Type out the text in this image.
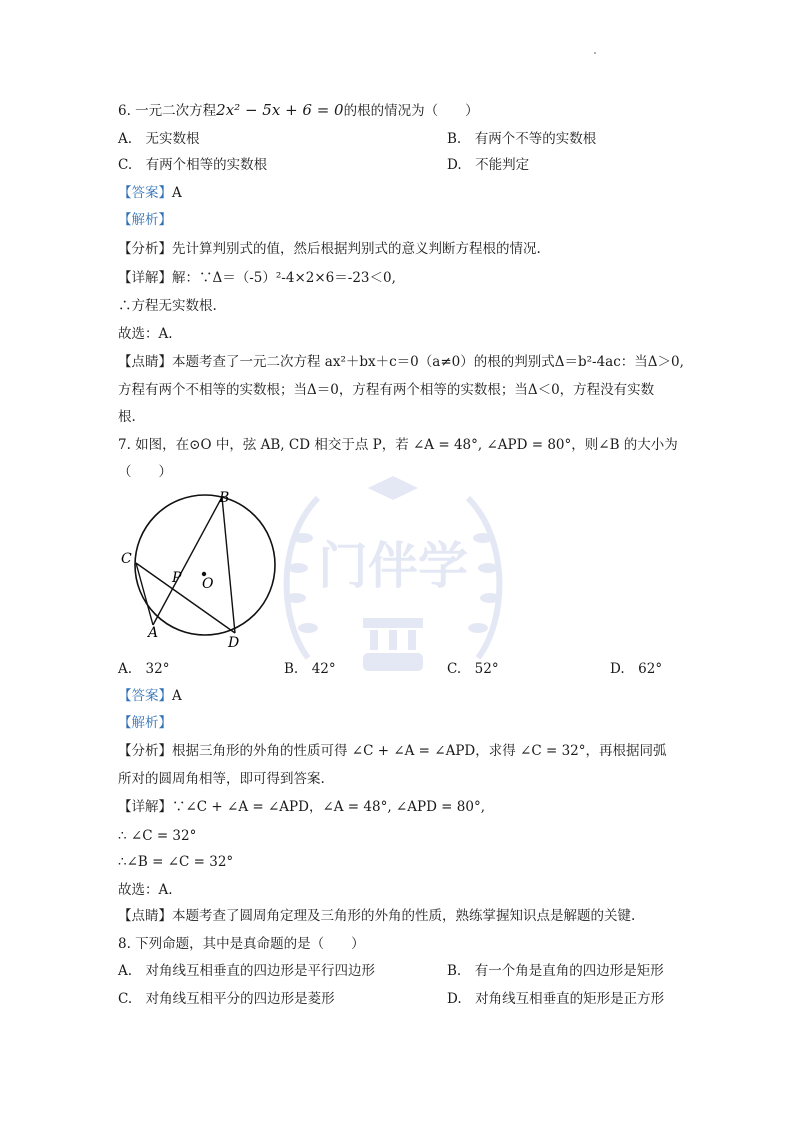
门伴学
6. 一元二次方程2x² − 5x + 6 = 0的根的情况为（　　）
A.　 无实数根	B.　 有两个不等的实数根
C.　 有两个相等的实数根	D.　 不能判定
【答案】A
【解析】
【分析】先计算判别式的值，然后根据判别式的意义判断方程根的情况.
【详解】解：∵Δ＝（-5）²-4×2×6＝-23＜0,
∴方程无实数根.
故选：A.
【点睛】本题考查了一元二次方程 ax²＋bx＋c＝0（a≠0）的根的判别式Δ＝b²-4ac：当Δ＞0,
方程有两个不相等的实数根；当Δ＝0，方程有两个相等的实数根；当Δ＜0，方程没有实数
根.
7. 如图，在⊙O 中，弦 AB, CD 相交于点 P，若 ∠A = 48°, ∠APD = 80°，则∠B 的大小为
（　　）
B
C
P O
A
D
A.　 32°	B.　 42°	C.　 52°	D.　 62°
【答案】A
【解析】
【分析】根据三角形的外角的性质可得 ∠C + ∠A = ∠APD，求得 ∠C = 32°，再根据同弧
所对的圆周角相等，即可得到答案.
【详解】∵∠C + ∠A = ∠APD，∠A = 48°, ∠APD = 80°,
∴ ∠C = 32°
∴∠B = ∠C = 32°
故选：A.
【点睛】本题考查了圆周角定理及三角形的外角的性质，熟练掌握知识点是解题的关键.
8. 下列命题，其中是真命题的是（　　）
A.　 对角线互相垂直的四边形是平行四边形	B.　 有一个角是直角的四边形是矩形
C.　 对角线互相平分的四边形是菱形	D.　 对角线互相垂直的矩形是正方形
